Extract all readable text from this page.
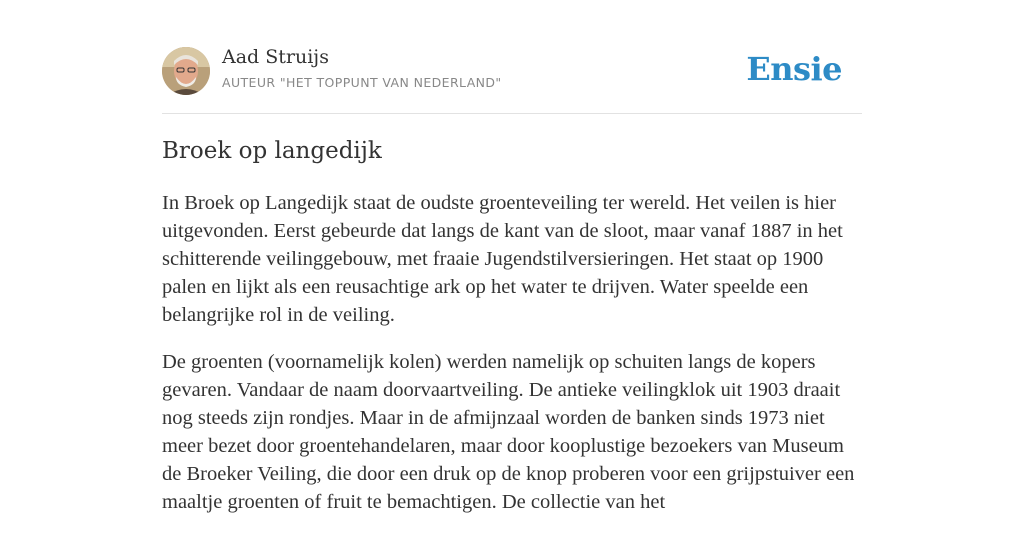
Aad Struijs
AUTEUR "HET TOPPUNT VAN NEDERLAND"	Ensie
Broek op langedijk

In Broek op Langedijk staat de oudste groenteveiling ter wereld. Het veilen is hier uitgevonden. Eerst gebeurde dat langs de kant van de sloot, maar vanaf 1887 in het schitterende veilinggebouw, met fraaie Jugendstilversieringen. Het staat op 1900 palen en lijkt als een reusachtige ark op het water te drijven. Water speelde een belangrijke rol in de veiling.

De groenten (voornamelijk kolen) werden namelijk op schuiten langs de kopers gevaren. Vandaar de naam doorvaartveiling. De antieke veilingklok uit 1903 draait nog steeds zijn rondjes. Maar in de afmijnzaal worden de banken sinds 1973 niet meer bezet door groentehandelaren, maar door kooplustige bezoekers van Museum de Broeker Veiling, die door een druk op de knop proberen voor een grijpstuiver een maaltje groenten of fruit te bemachtigen. De collectie van het
